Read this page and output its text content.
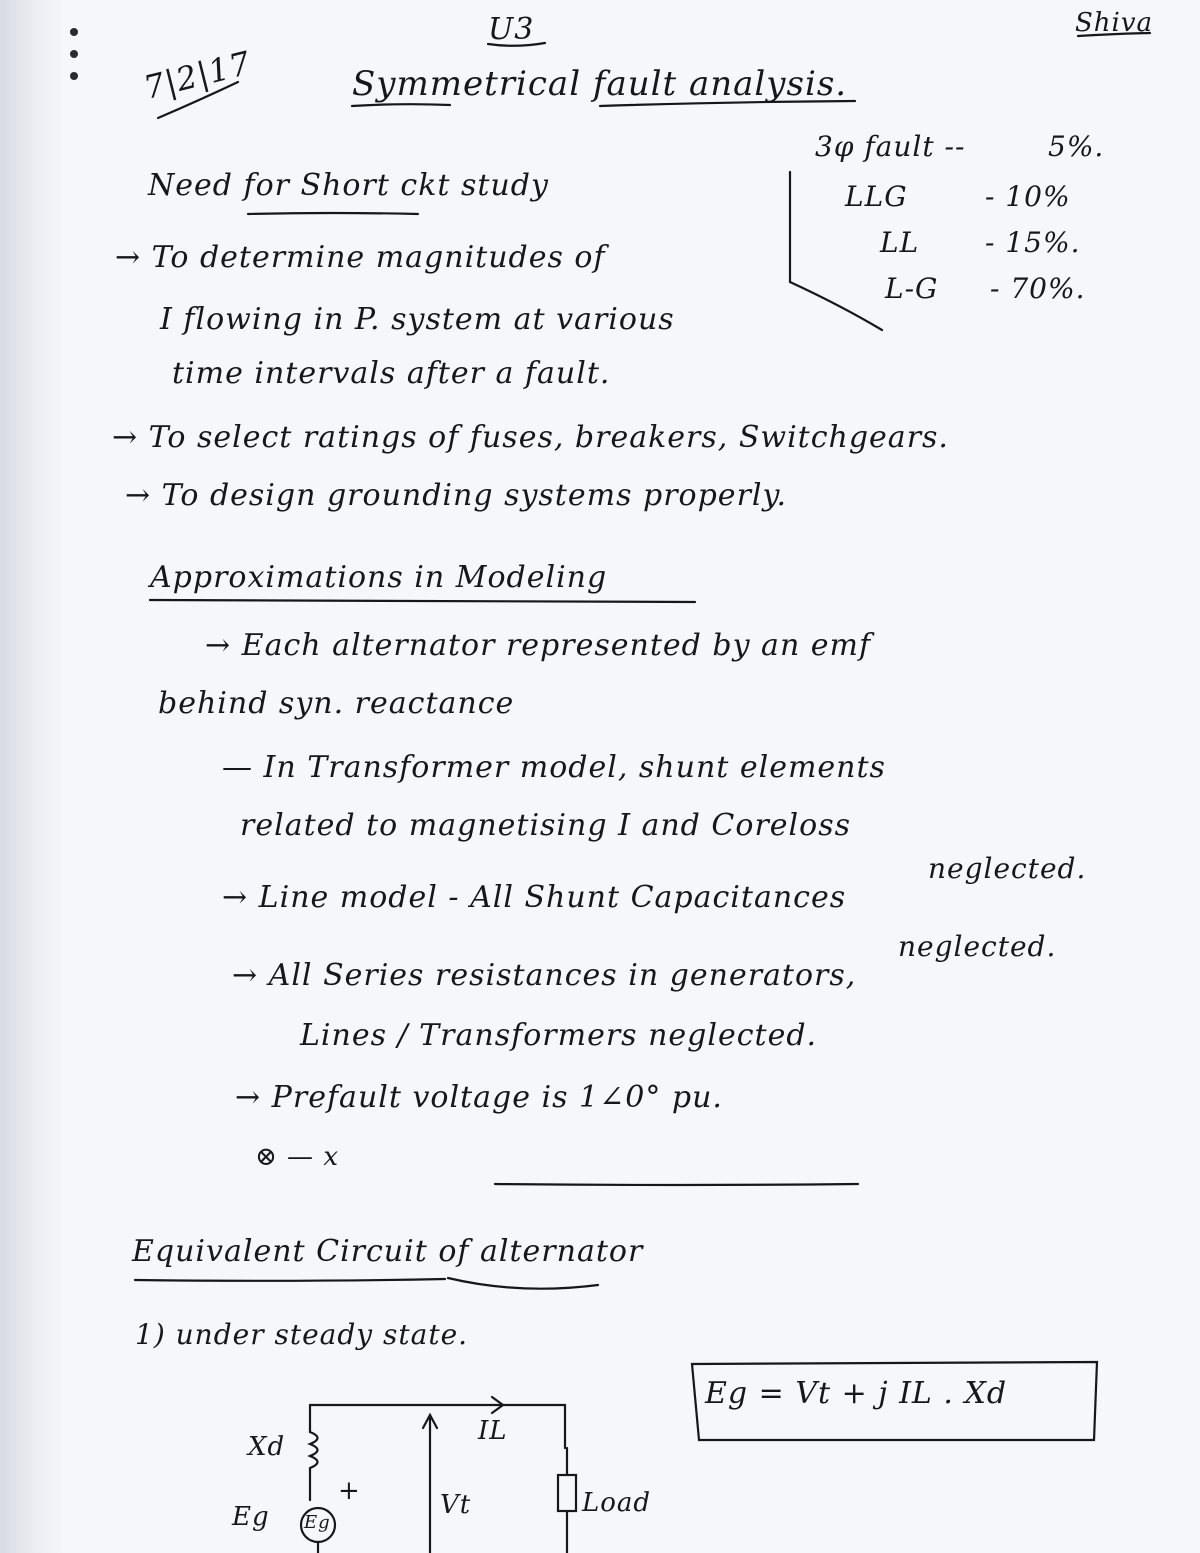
U3	Shiva
7|2|17	Symmetrical fault analysis.
3φ fault --	5%.
LLG	- 10%
LL - 15%.
L-G - 70%.
Need for Short ckt study
→ To determine magnitudes of
I flowing in P. system at various
time intervals after a fault.
→ To select ratings of fuses, breakers, Switchgears.
→ To design grounding systems properly.
Approximations in Modeling
→ Each alternator represented by an emf
behind syn. reactance
— In Transformer model, shunt elements
related to magnetising I and Coreloss
neglected.
→ Line model - All Shunt Capacitances
neglected.
→ All Series resistances in generators,
Lines / Transformers neglected.
→ Prefault voltage is 1∠0° pu.
⊗ — x
Equivalent Circuit of alternator
1) under steady state.
Eg = Vt + j IL . Xd
Xd
Eg Eg
+
IL
Vt	Load
